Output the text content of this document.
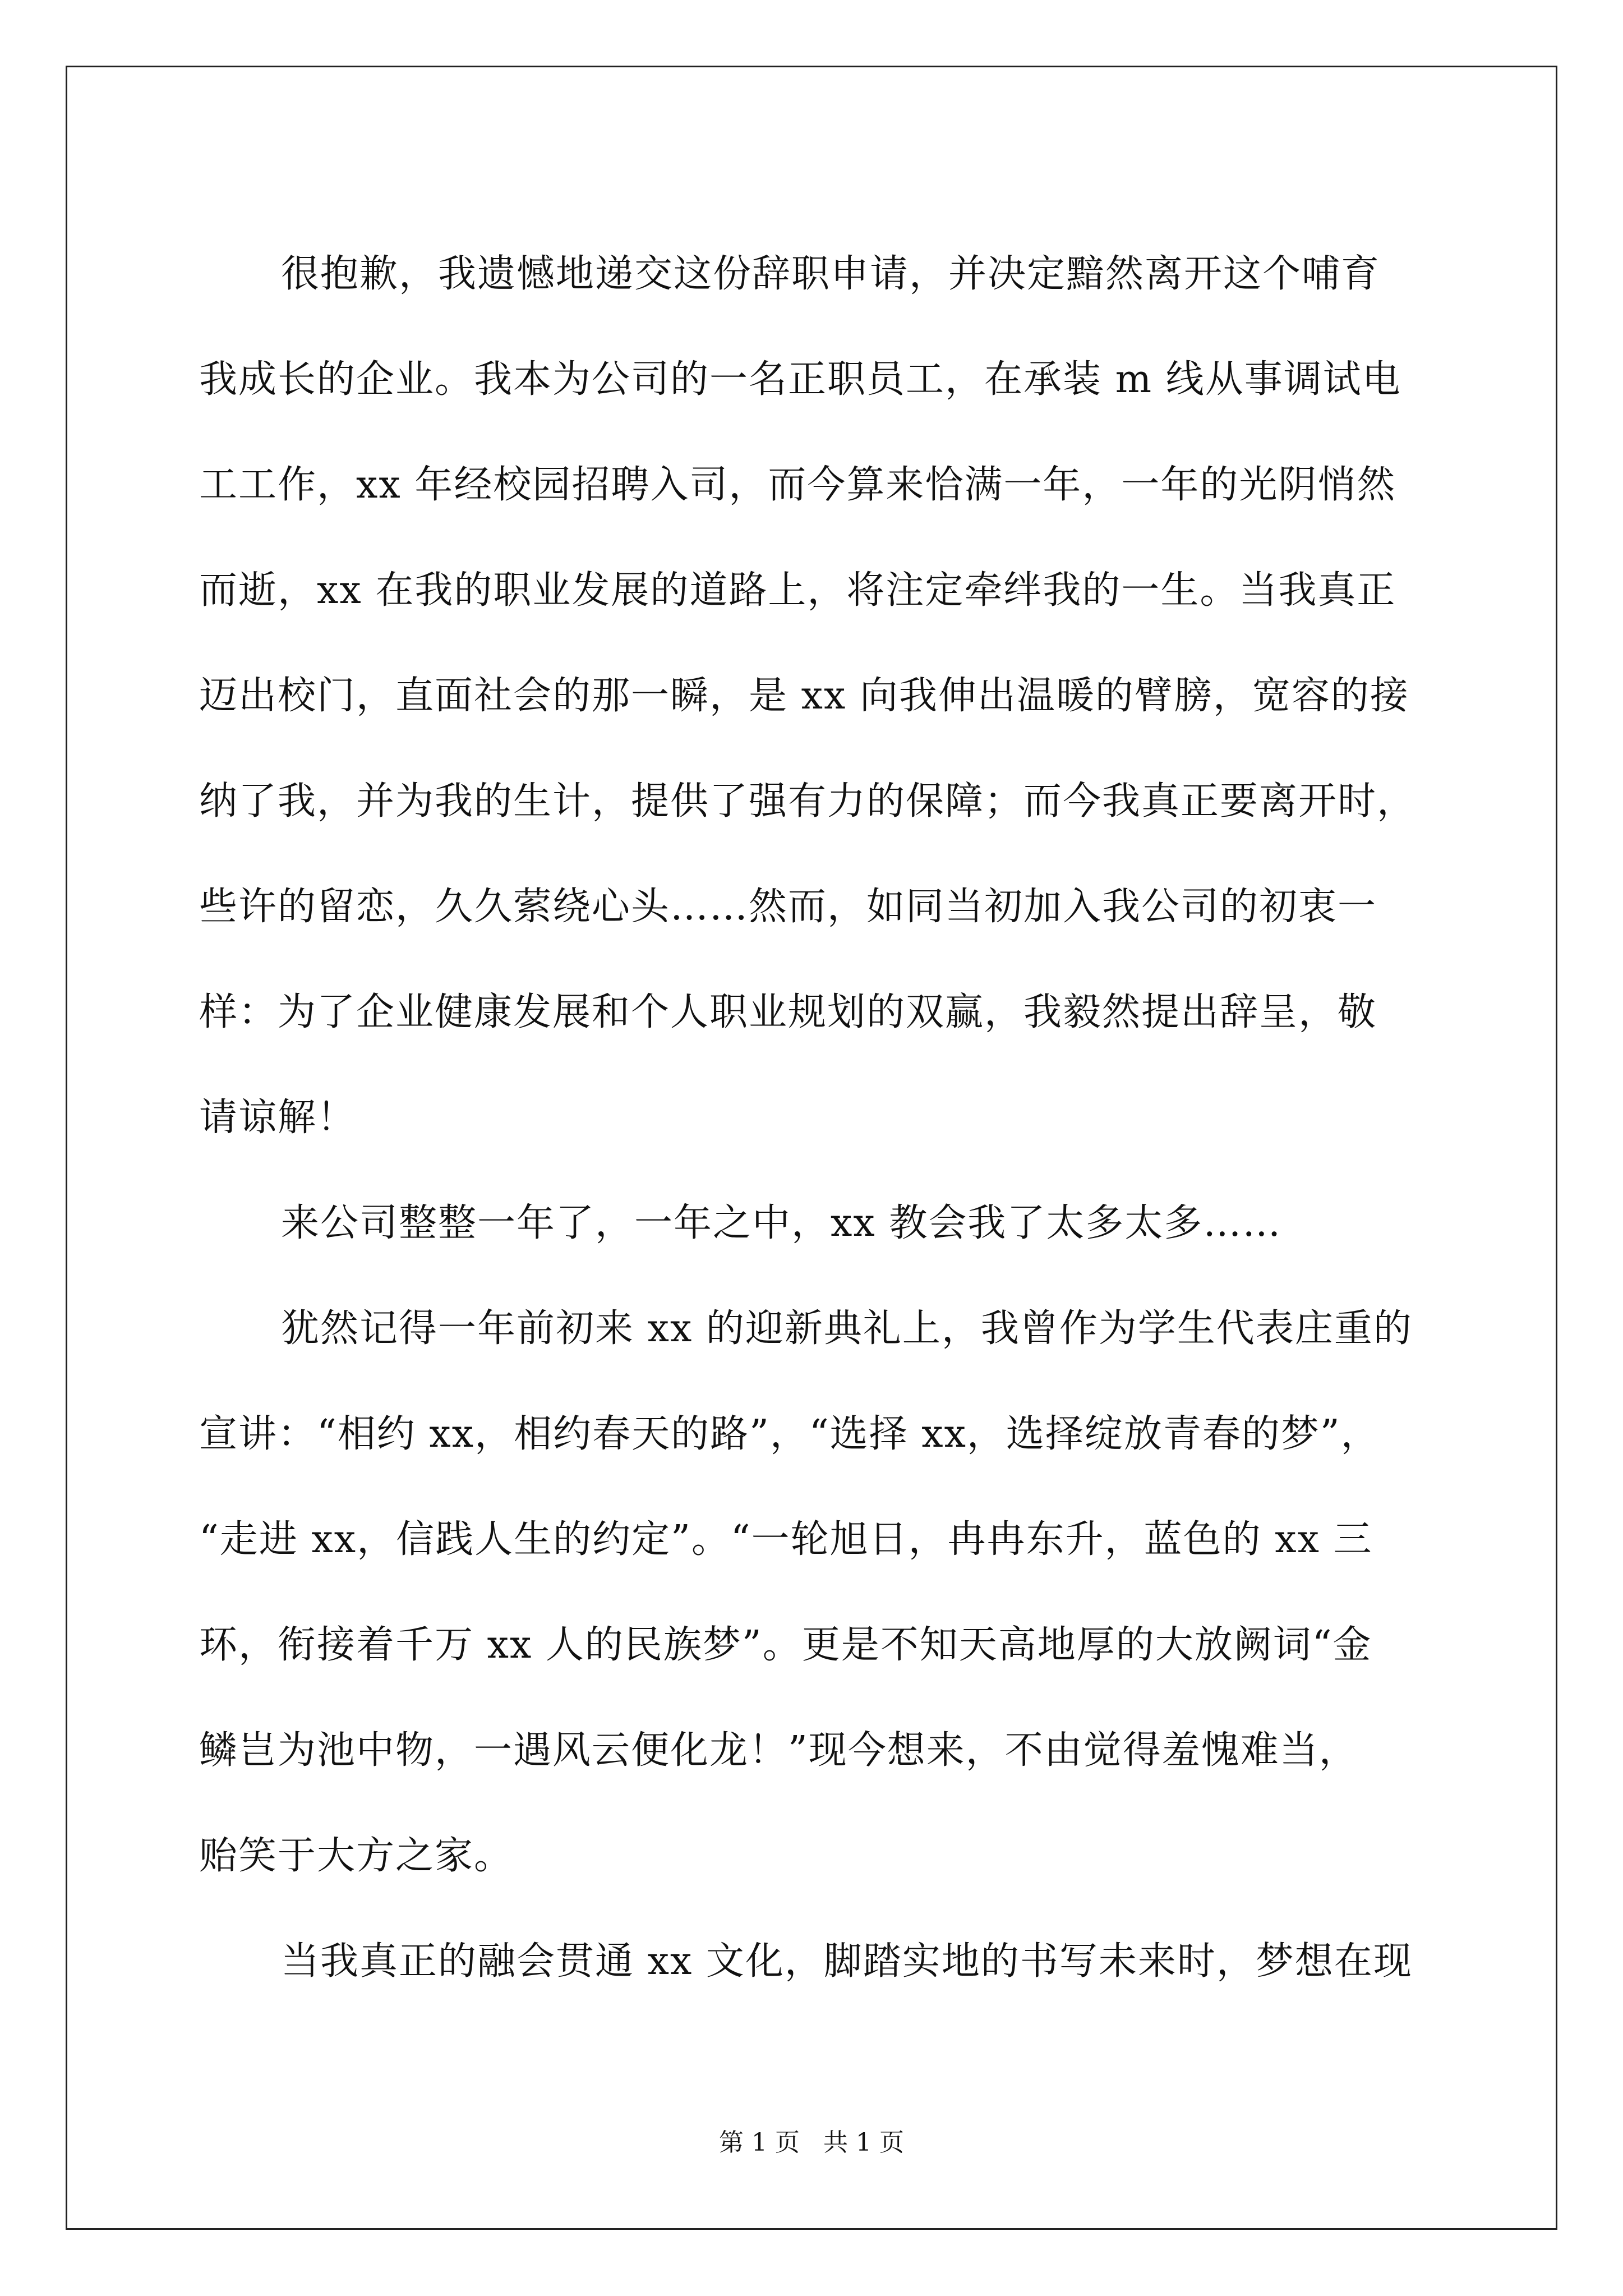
很抱歉，我遗憾地递交这份辞职申请，并决定黯然离开这个哺育
我成长的企业。我本为公司的一名正职员工，在承装 m 线从事调试电
工工作，xx 年经校园招聘入司，而今算来恰满一年，一年的光阴悄然
而逝，xx 在我的职业发展的道路上，将注定牵绊我的一生。当我真正
迈出校门，直面社会的那一瞬，是 xx 向我伸出温暖的臂膀，宽容的接
纳了我，并为我的生计，提供了强有力的保障；而今我真正要离开时，
些许的留恋，久久萦绕心头……然而，如同当初加入我公司的初衷一
样：为了企业健康发展和个人职业规划的双赢，我毅然提出辞呈，敬
请谅解！
来公司整整一年了，一年之中，xx 教会我了太多太多……
犹然记得一年前初来 xx 的迎新典礼上，我曾作为学生代表庄重的
宣讲：“相约 xx，相约春天的路”，“选择 xx，选择绽放青春的梦”，
“走进 xx，信践人生的约定”。“一轮旭日，冉冉东升，蓝色的 xx 三
环，衔接着千万 xx 人的民族梦”。更是不知天高地厚的大放阙词“金
鳞岂为池中物，一遇风云便化龙！”现今想来，不由觉得羞愧难当，
贻笑于大方之家。
当我真正的融会贯通 xx 文化，脚踏实地的书写未来时，梦想在现
第 1 页   共 1 页
